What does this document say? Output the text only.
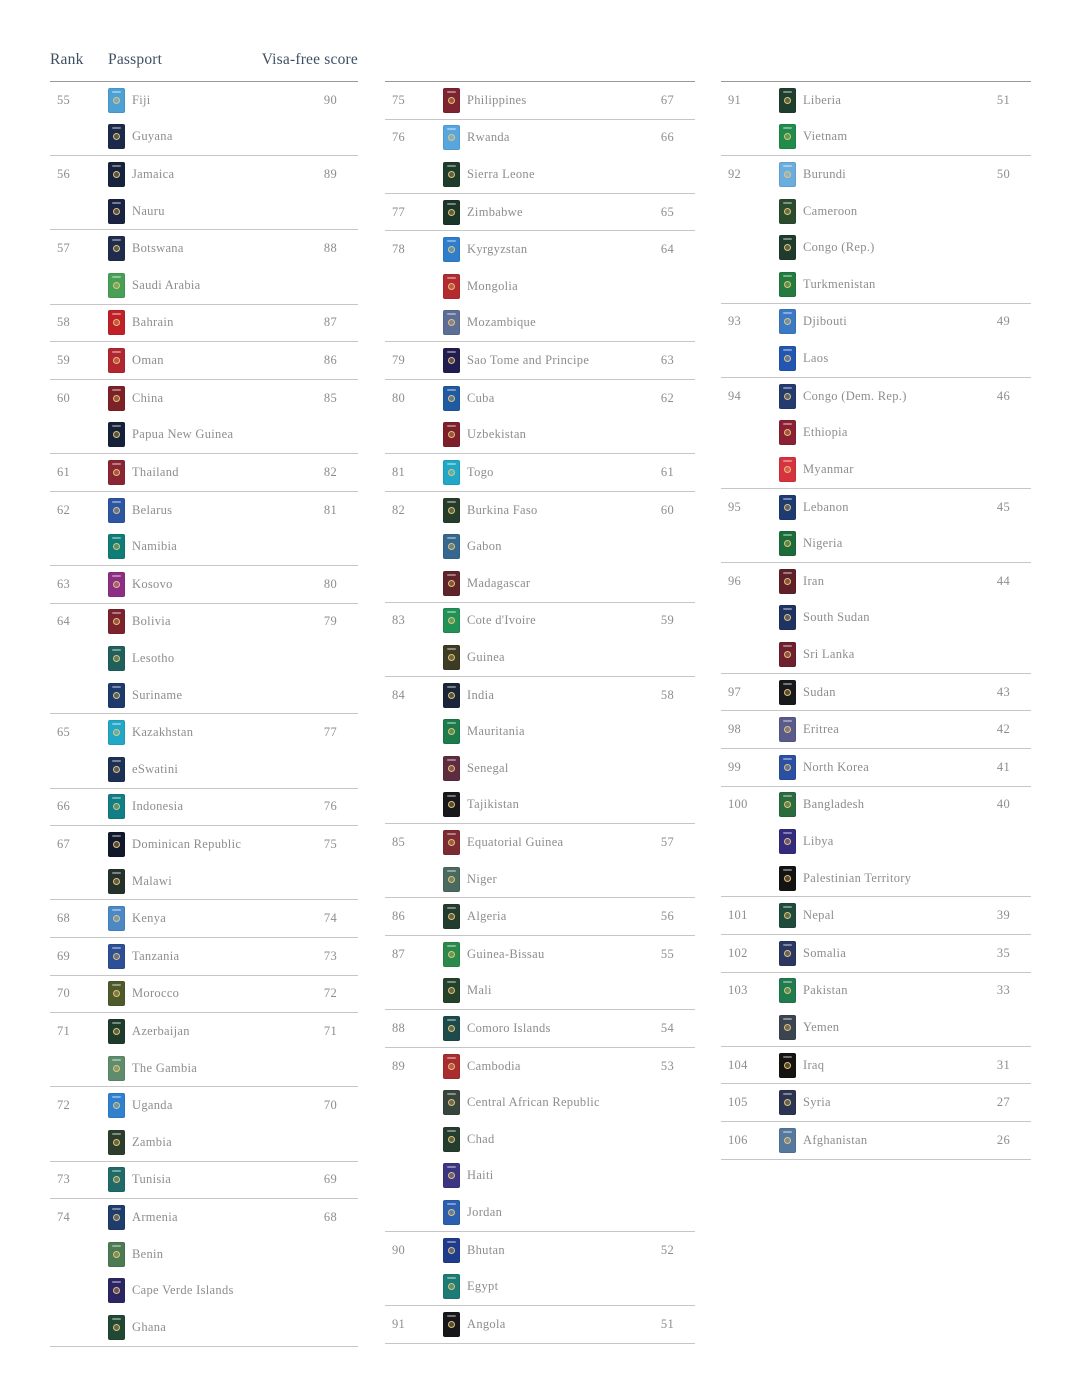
Rank	Passport	Visa-free score
55	Fiji	90
Guyana
56	Jamaica	89
Nauru
57	Botswana	88
Saudi Arabia
58	Bahrain	87
59	Oman	86
60	China	85
Papua New Guinea
61	Thailand	82
62	Belarus	81
Namibia
63	Kosovo	80
64	Bolivia	79
Lesotho
Suriname
65	Kazakhstan	77
eSwatini
66	Indonesia	76
67	Dominican Republic	75
Malawi
68	Kenya	74
69	Tanzania	73
70	Morocco	72
71	Azerbaijan	71
The Gambia
72	Uganda	70
Zambia
73	Tunisia	69
74	Armenia	68
Benin
Cape Verde Islands
Ghana
75	Philippines	67
76	Rwanda	66
Sierra Leone
77	Zimbabwe	65
78	Kyrgyzstan	64
Mongolia
Mozambique
79	Sao Tome and Principe	63
80	Cuba	62
Uzbekistan
81	Togo	61
82	Burkina Faso	60
Gabon
Madagascar
83	Cote d'Ivoire	59
Guinea
84	India	58
Mauritania
Senegal
Tajikistan
85	Equatorial Guinea	57
Niger
86	Algeria	56
87	Guinea-Bissau	55
Mali
88	Comoro Islands	54
89	Cambodia	53
Central African Republic
Chad
Haiti
Jordan
90	Bhutan	52
Egypt
91	Angola	51
91	Liberia	51
Vietnam
92	Burundi	50
Cameroon
Congo (Rep.)
Turkmenistan
93	Djibouti	49
Laos
94	Congo (Dem. Rep.)	46
Ethiopia
Myanmar
95	Lebanon	45
Nigeria
96	Iran	44
South Sudan
Sri Lanka
97	Sudan	43
98	Eritrea	42
99	North Korea	41
100	Bangladesh	40
Libya
Palestinian Territory
101	Nepal	39
102	Somalia	35
103	Pakistan	33
Yemen
104	Iraq	31
105	Syria	27
106	Afghanistan	26
